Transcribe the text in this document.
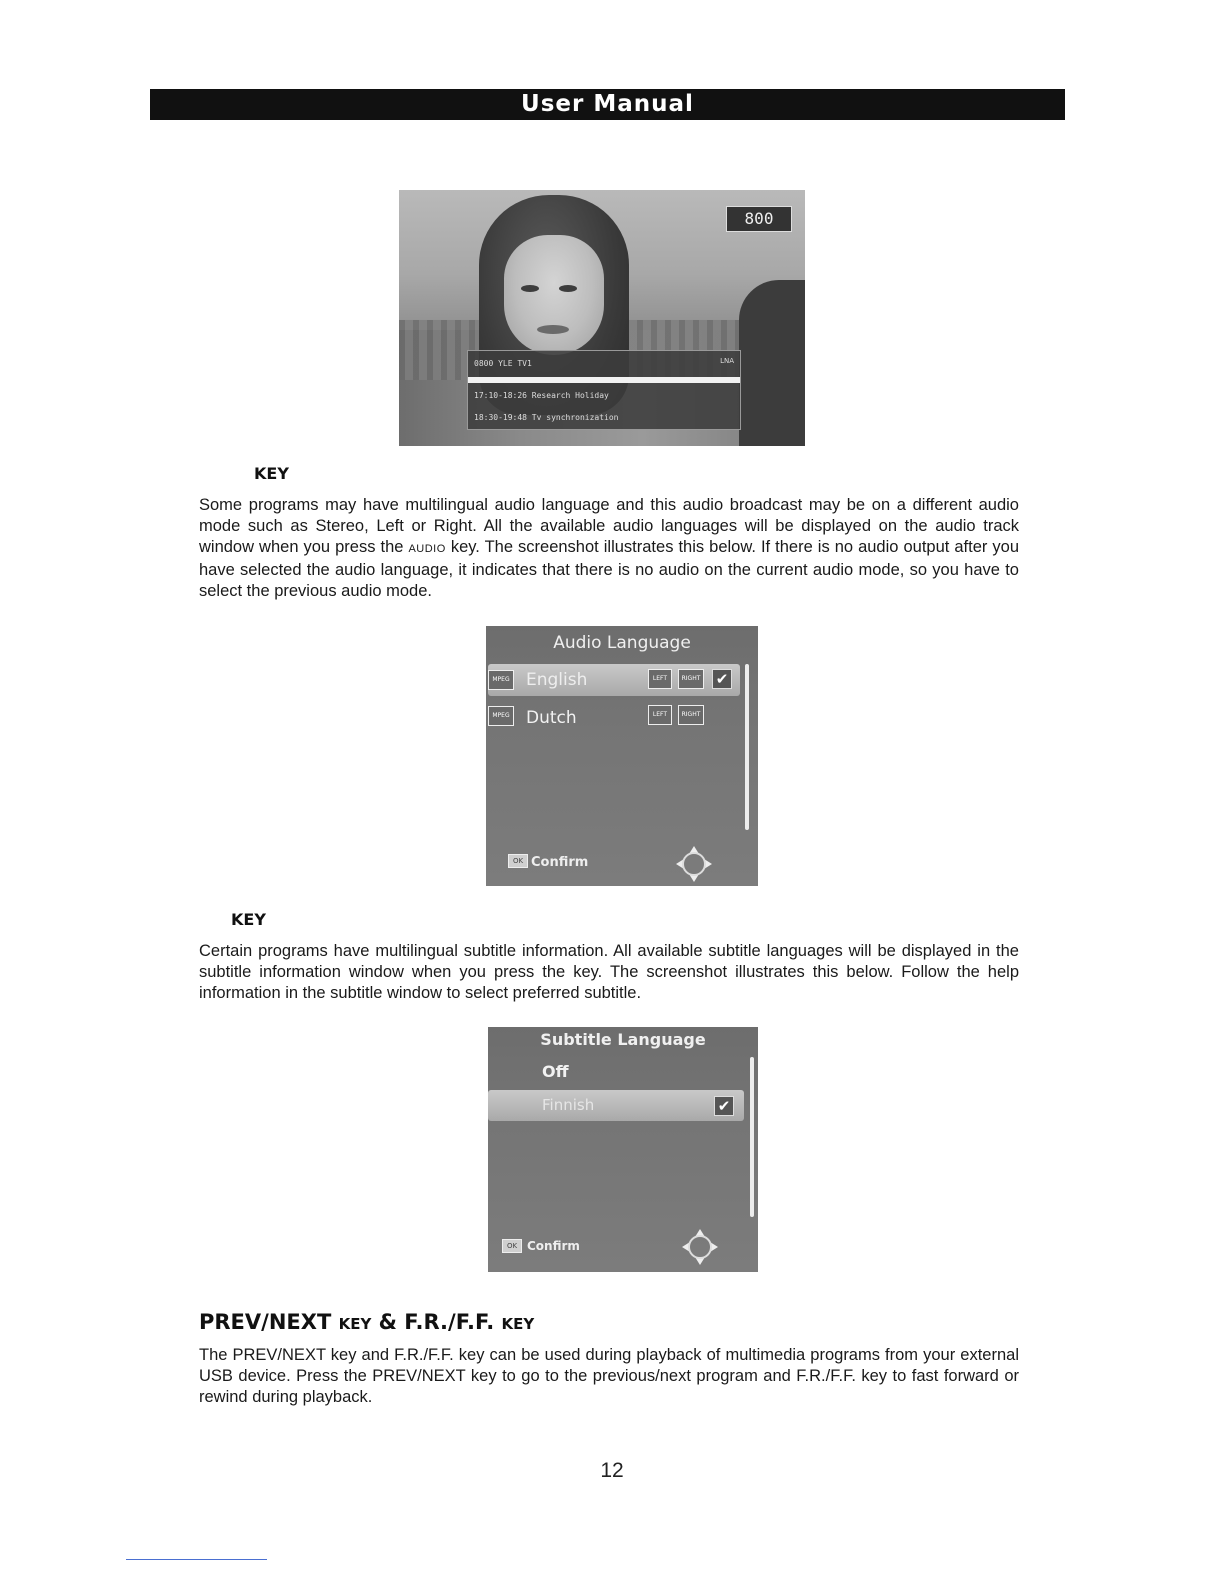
User Manual
800
0800 YLE TV1	LNA
17:10-18:26 Research Holiday
18:30-19:48 Tv synchronization
KEY
Some programs may have multilingual audio language and this audio broadcast may be on a different audio mode such as Stereo, Left or Right. All the available audio languages will be displayed on the audio track window when you press the AUDIO key. The screenshot illustrates this below. If there is no audio output after you have selected the audio language, it indicates that there is no audio on the current audio mode, so you have to select the previous audio mode.
Audio Language
MPEG English	LEFT	RIGHT ✔
MPEG Dutch	LEFT	RIGHT
OK Confirm
KEY
Certain programs have multilingual subtitle information. All available subtitle languages will be displayed in the subtitle information window when you press the key. The screenshot illustrates this below. Follow the help information in the subtitle window to select preferred subtitle.
Subtitle Language
Off
Finnish	✔
OK Confirm
PREV/NEXT KEY & F.R./F.F. KEY
The PREV/NEXT key and F.R./F.F. key can be used during playback of multimedia programs from your external USB device. Press the PREV/NEXT key to go to the previous/next program and F.R./F.F. key to fast forward or rewind during playback.
12
